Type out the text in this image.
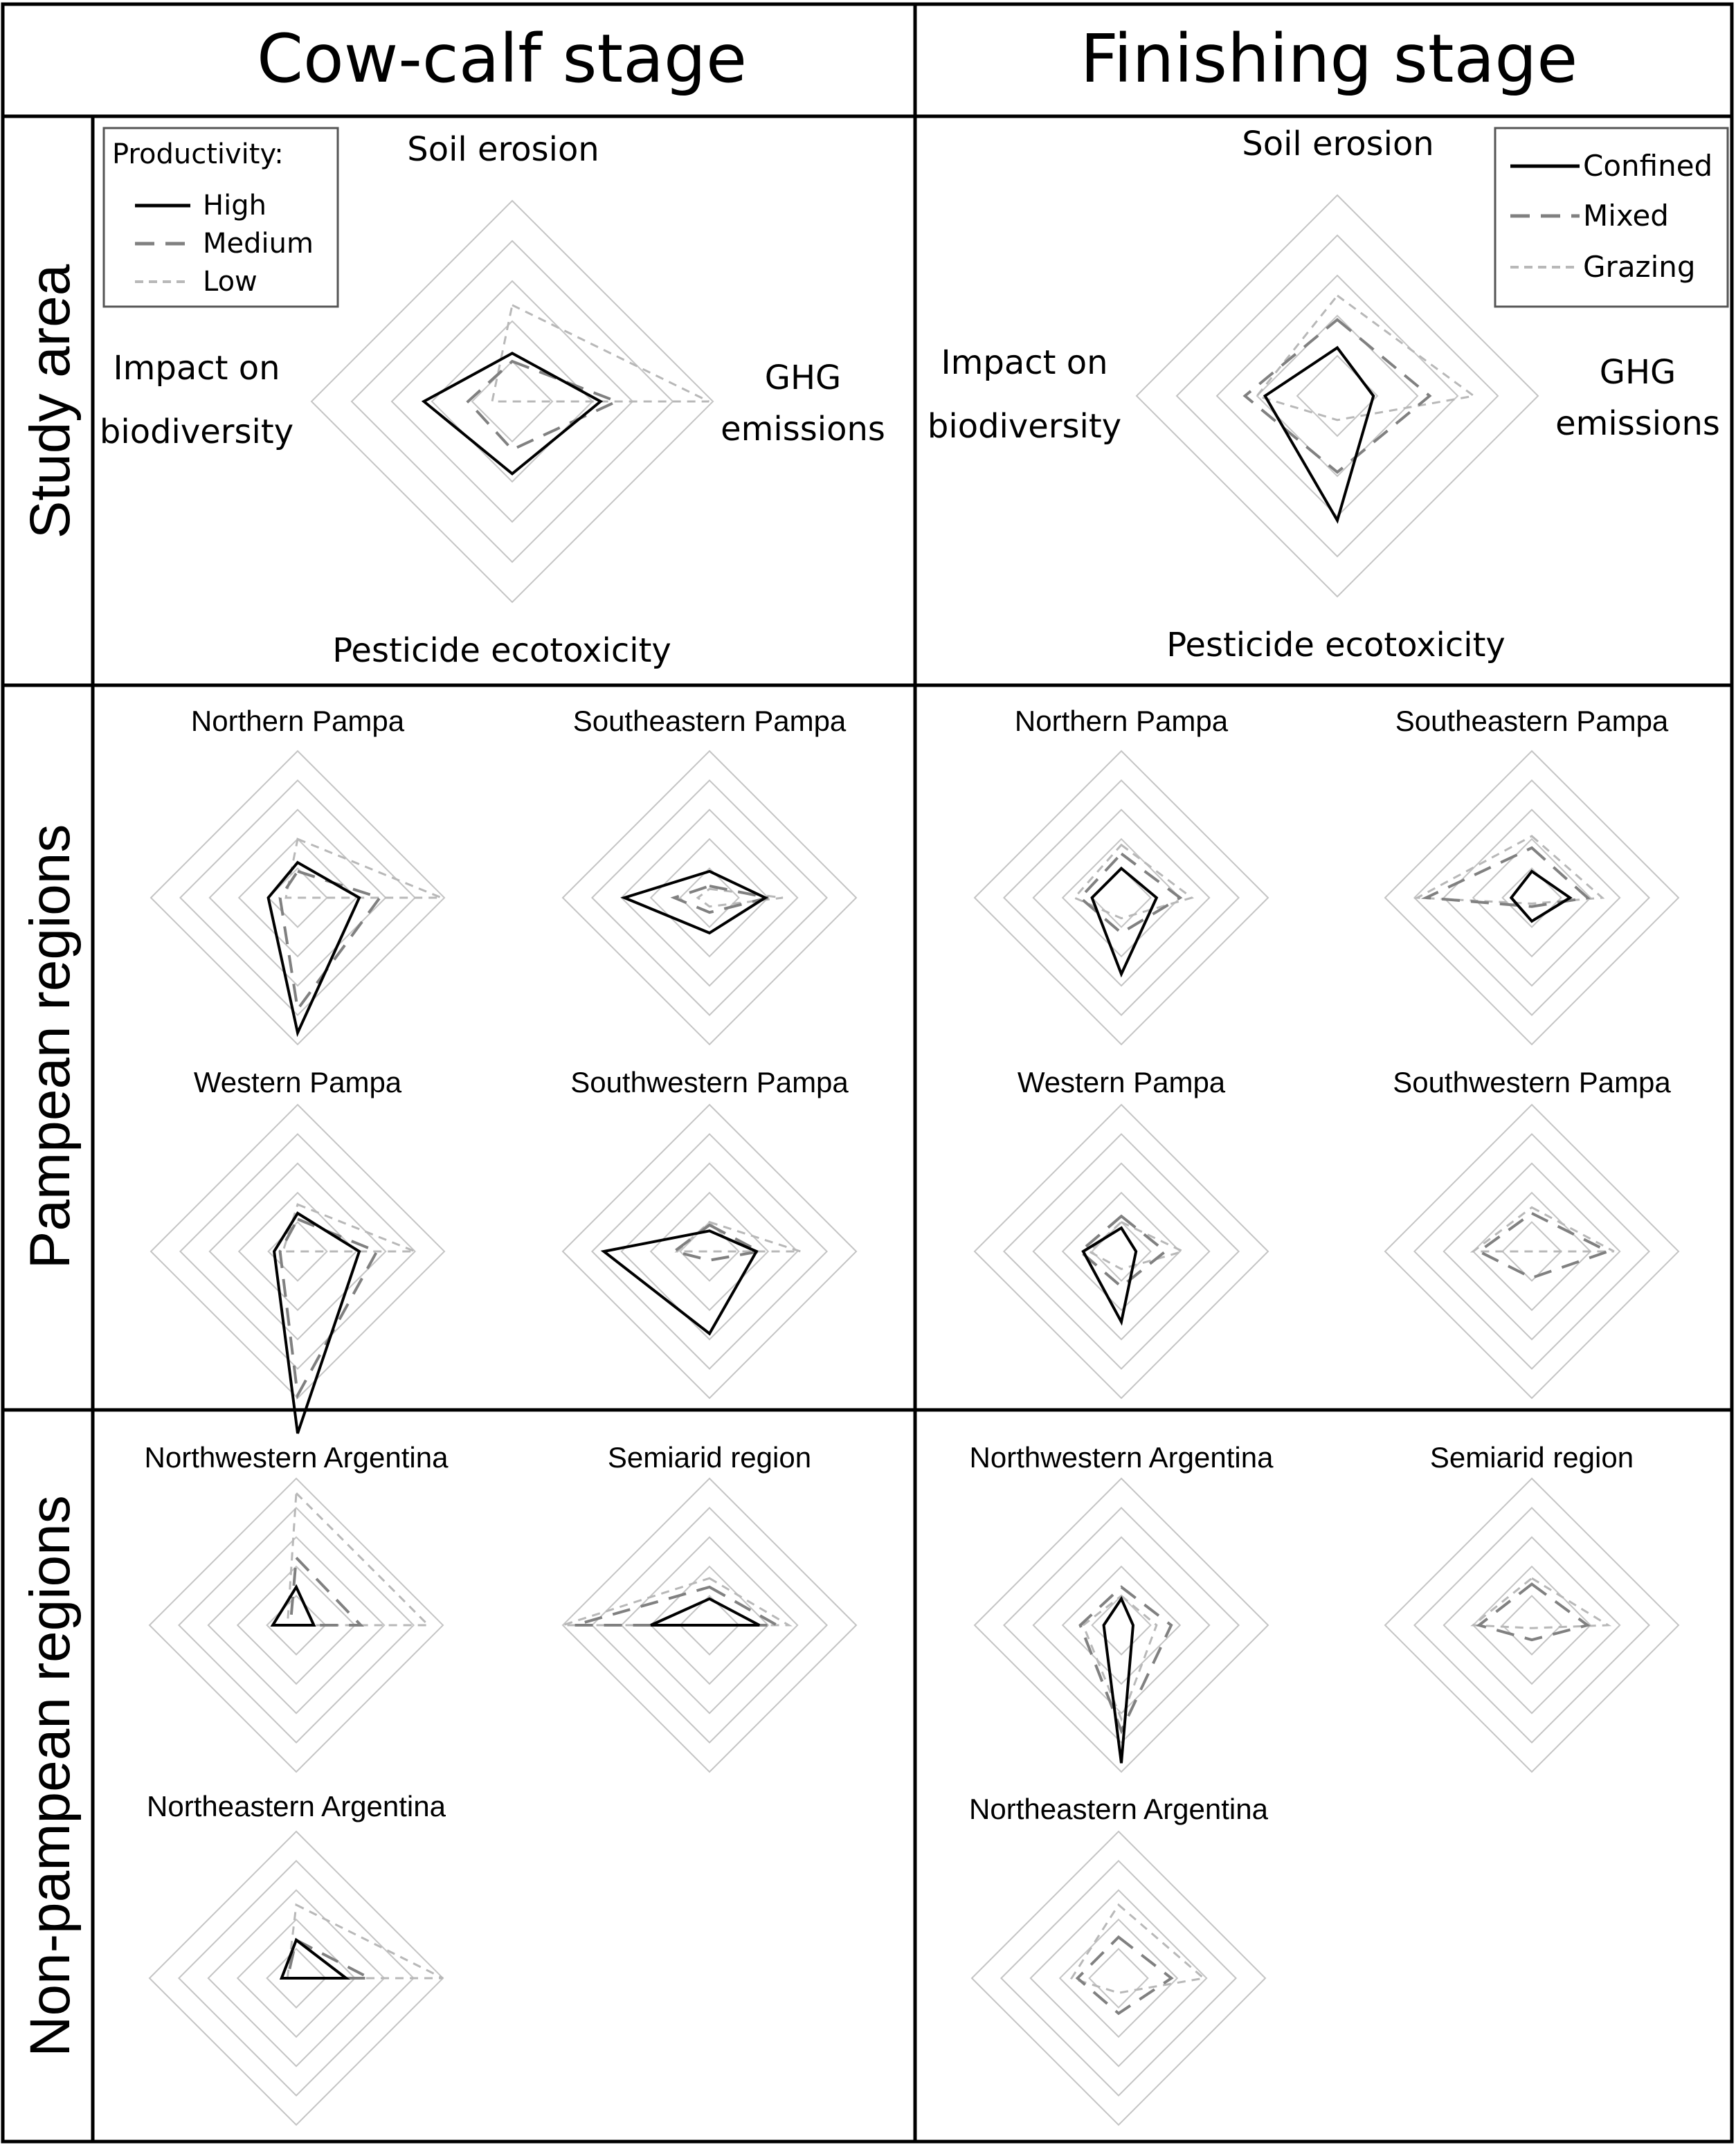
Cow-calf stage	Finishing stage
Study area
Pampean regions
Non-pampean regions
Soil erosion
GHG
emissions
Pesticide ecotoxicity
Impact on
biodiversity
Soil erosion
GHG
emissions
Pesticide ecotoxicity
Impact on
biodiversity
Productivity:
High
Medium
Low
Confined
Mixed
Grazing
Northern Pampa	Southeastern Pampa
Western Pampa	Southwestern Pampa
Northern Pampa	Southeastern Pampa
Western Pampa	Southwestern Pampa
Northwestern Argentina	Semiarid region
Northeastern Argentina
Northwestern Argentina	Semiarid region
Northeastern Argentina
